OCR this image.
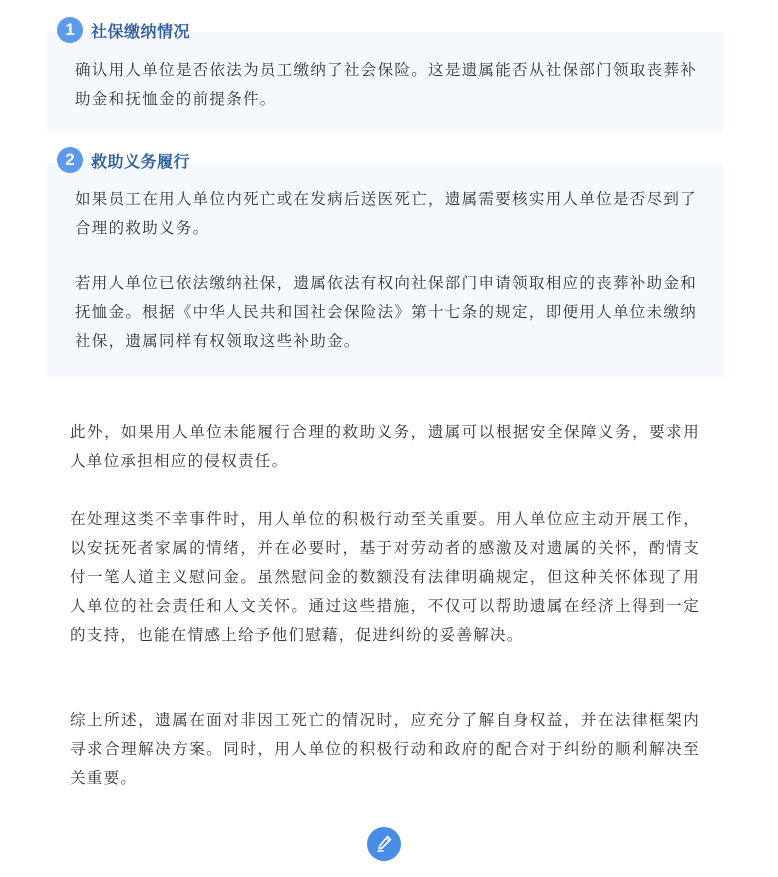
1	社保缴纳情况

确认用人单位是否依法为员工缴纳了社会保险。这是遗属能否从社保部门领取丧葬补助金和抚恤金的前提条件。

2	救助义务履行

如果员工在用人单位内死亡或在发病后送医死亡，遗属需要核实用人单位是否尽到了合理的救助义务。

若用人单位已依法缴纳社保，遗属依法有权向社保部门申请领取相应的丧葬补助金和抚恤金。根据《中华人民共和国社会保险法》第十七条的规定，即便用人单位未缴纳社保，遗属同样有权领取这些补助金。

此外，如果用人单位未能履行合理的救助义务，遗属可以根据安全保障义务，要求用人单位承担相应的侵权责任。

在处理这类不幸事件时，用人单位的积极行动至关重要。用人单位应主动开展工作，以安抚死者家属的情绪，并在必要时，基于对劳动者的感激及对遗属的关怀，酌情支付一笔人道主义慰问金。虽然慰问金的数额没有法律明确规定，但这种关怀体现了用人单位的社会责任和人文关怀。通过这些措施，不仅可以帮助遗属在经济上得到一定的支持，也能在情感上给予他们慰藉，促进纠纷的妥善解决。

综上所述，遗属在面对非因工死亡的情况时，应充分了解自身权益，并在法律框架内寻求合理解决方案。同时，用人单位的积极行动和政府的配合对于纠纷的顺利解决至关重要。
